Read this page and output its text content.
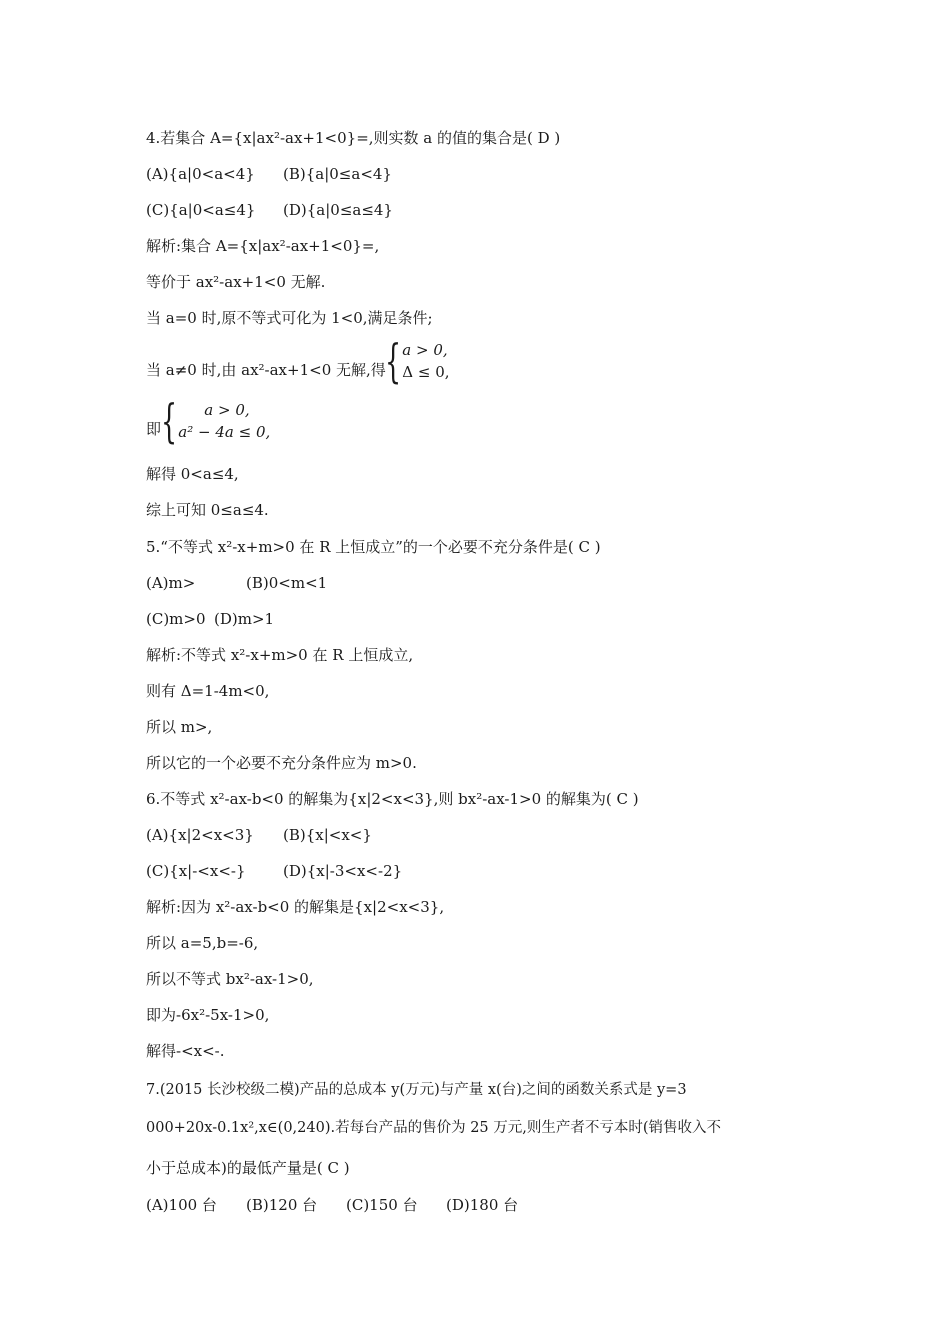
4.若集合 A={x|ax²-ax+1<0}=,则实数 a 的值的集合是( D )
(A){a|0<a<4} (B){a|0≤a<4}
(C){a|0<a≤4} (D){a|0≤a≤4}
解析:集合 A={x|ax²-ax+1<0}=,
等价于 ax²-ax+1<0 无解.
当 a=0 时,原不等式可化为 1<0,满足条件;
当 a≠0 时,由 ax²-ax+1<0 无解,得 { a > 0,
Δ ≤ 0,
即 {	a > 0,
a² − 4a ≤ 0,
解得 0<a≤4,
综上可知 0≤a≤4.
5.“不等式 x²-x+m>0 在 R 上恒成立”的一个必要不充分条件是( C )
(A)m>	(B)0<m<1
(C)m>0 (D)m>1
解析:不等式 x²-x+m>0 在 R 上恒成立,
则有 Δ=1-4m<0,
所以 m>,
所以它的一个必要不充分条件应为 m>0.
6.不等式 x²-ax-b<0 的解集为{x|2<x<3},则 bx²-ax-1>0 的解集为( C )
(A){x|2<x<3} (B){x|<x<}
(C){x|-<x<-} (D){x|-3<x<-2}
解析:因为 x²-ax-b<0 的解集是{x|2<x<3},
所以 a=5,b=-6,
所以不等式 bx²-ax-1>0,
即为-6x²-5x-1>0,
解得-<x<-.
7.(2015 长沙校级二模)产品的总成本 y(万元)与产量 x(台)之间的函数关系式是 y=3
000+20x-0.1x²,x∈(0,240).若每台产品的售价为 25 万元,则生产者不亏本时(销售收入不
小于总成本)的最低产量是( C )
(A)100 台 (B)120 台 (C)150 台 (D)180 台
